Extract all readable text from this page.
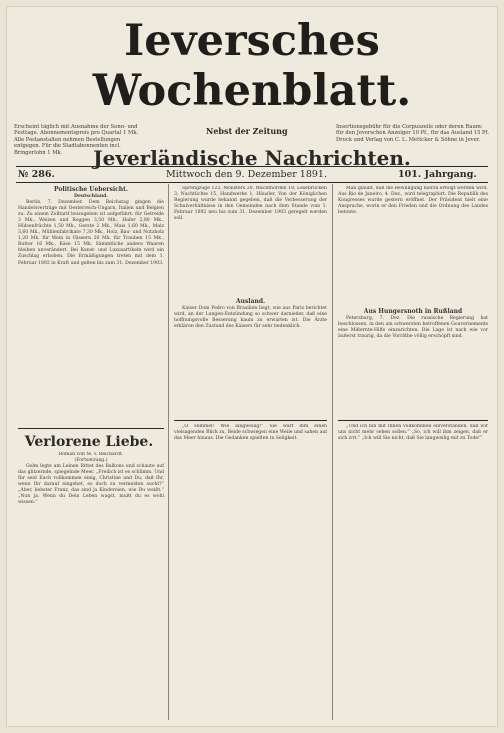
Ieversches Wochenblatt.
Erscheint täglich mit Ausnahme der Sonn- und Festtage. Abonnementspreis pro Quartal 1 Mk. Alle Postanstalten nehmen Bestellungen entgegen. Für die Stadtabonnenten incl. Bringerlohn 1 Mk.
Nebst der Zeitung	Insertionsgebühr für die Corpuszeile oder deren Raum: für den Jeverschen Anzeiger 10 Pf., für das Ausland 15 Pf. Druck und Verlag von C. L. Mettcker & Söhne in Jever.
Jeverländische Nachrichten.
№ 286.	Mittwoch den 9. Dezember 1891.	101. Jahrgang.
Politische Uebersicht.
Deutschland.

Berlin, 7. Dezember. Dem Reichstag gingen die Handelsverträge mit Oesterreich-Ungarn, Italien und Belgien zu. Zu einem Zolltarif beizugeben ist aufgeführt: für Getreide 3 Mk., Weizen und Roggen 3,50 Mk., Hafer 2,80 Mk., Hülsenfrüchte 1,50 Mk., Gerste 2 Mk., Mais 1,60 Mk., Malz 3,60 Mk., Mühlenfabrikate 7,30 Mk., Holz, Bau- und Nutzholz 1,20 Mk. für Wein in Fässern 20 Mk. für Trauben 15 Mk., Butter 16 Mk., Käse 15 Mk. Sämmtliche andere Waaren bleiben unverändert. Bei Kunst- und Luxusartikeln wird ein Zuschlag erhoben. Die Ermäßigungen treten mit dem 1. Februar 1892 in Kraft und gelten bis zum 31. Dezember 1903.

Verlorene Liebe.
Roman von M. v. Reichardt.
(Fortsetzung.)

Golm legte am Leinen Rittet des Balkons und schaute auf das glitzernde, spiegelnde Meer. „Freilich ist es schlimm. Und Ihr seid Euch vollkommen einig, Christine und Du, daß Ihr, wenn Ihr darauf eingehet, es doch zu vermeiden sucht?“ „Aber, liebster Franz, das sind ja Kindereien, wie Du weißt.“ „Nun ja. Wenn du Dein Leben wagst, mußt du es wohl wissen.“

Sprengzüge 123, Monsters 20, Wachthörden 19, Lesebrücken 3, Nachtlichte 15, Handwerke 1, Häusler. Von der Königlichen Regierung wurde bekannt gegeben, daß die Verbesserung der Schulverhältnisse in den Gemeinden nach dem Stande vom 1. Februar 1892 neu bis zum 31. Dezember 1903 geregelt werden soll.

Ausland.

Kaiser Dom Pedro von Brasilien liegt, wie aus Paris berichtet wird, an der Lungen-Entzündung so schwer darnieder, daß eine hoffnungsvolle Besserung kaum zu erwarten ist. Die Ärzte erklären den Zustand des Kaisers für sehr bedenklich.

„O Himmel! Wie langweilig!“ Sie warf ihm einen vielsagenden Blick zu. Beide schwiegen eine Weile und sahen auf das Meer hinaus. Die Gedanken spielten in Seligkeit.

Man glaubt, daß die Bewilligung hierzu erfolgt werden wird. Aus Rio de Janeiro, 4. Dez., wird telegraphirt: Die Republik des Kongresses wurde gestern eröffnet. Der Präsident hielt eine Ansprache, worin er den Frieden und die Ordnung des Landes betonte.

Aus Hungersnoth in Rußland

Petersburg, 7. Dez. Die russische Regierung hat beschlossen, in den am schwersten betroffenen Gouvernements eine Mißernte-Hilfe einzurichten. Die Lage ist nach wie vor äußerst traurig, da die Vorräthe völlig erschöpft sind.

„Und ich bin mit Ihnen vollkommen einverstanden, daß wir uns nicht mehr sehen sollen.“ „So, ich will ihm zeigen, daß er sich irrt.“ „Ich will Sie nicht, daß Sie langweilig mit zu Tode!“
